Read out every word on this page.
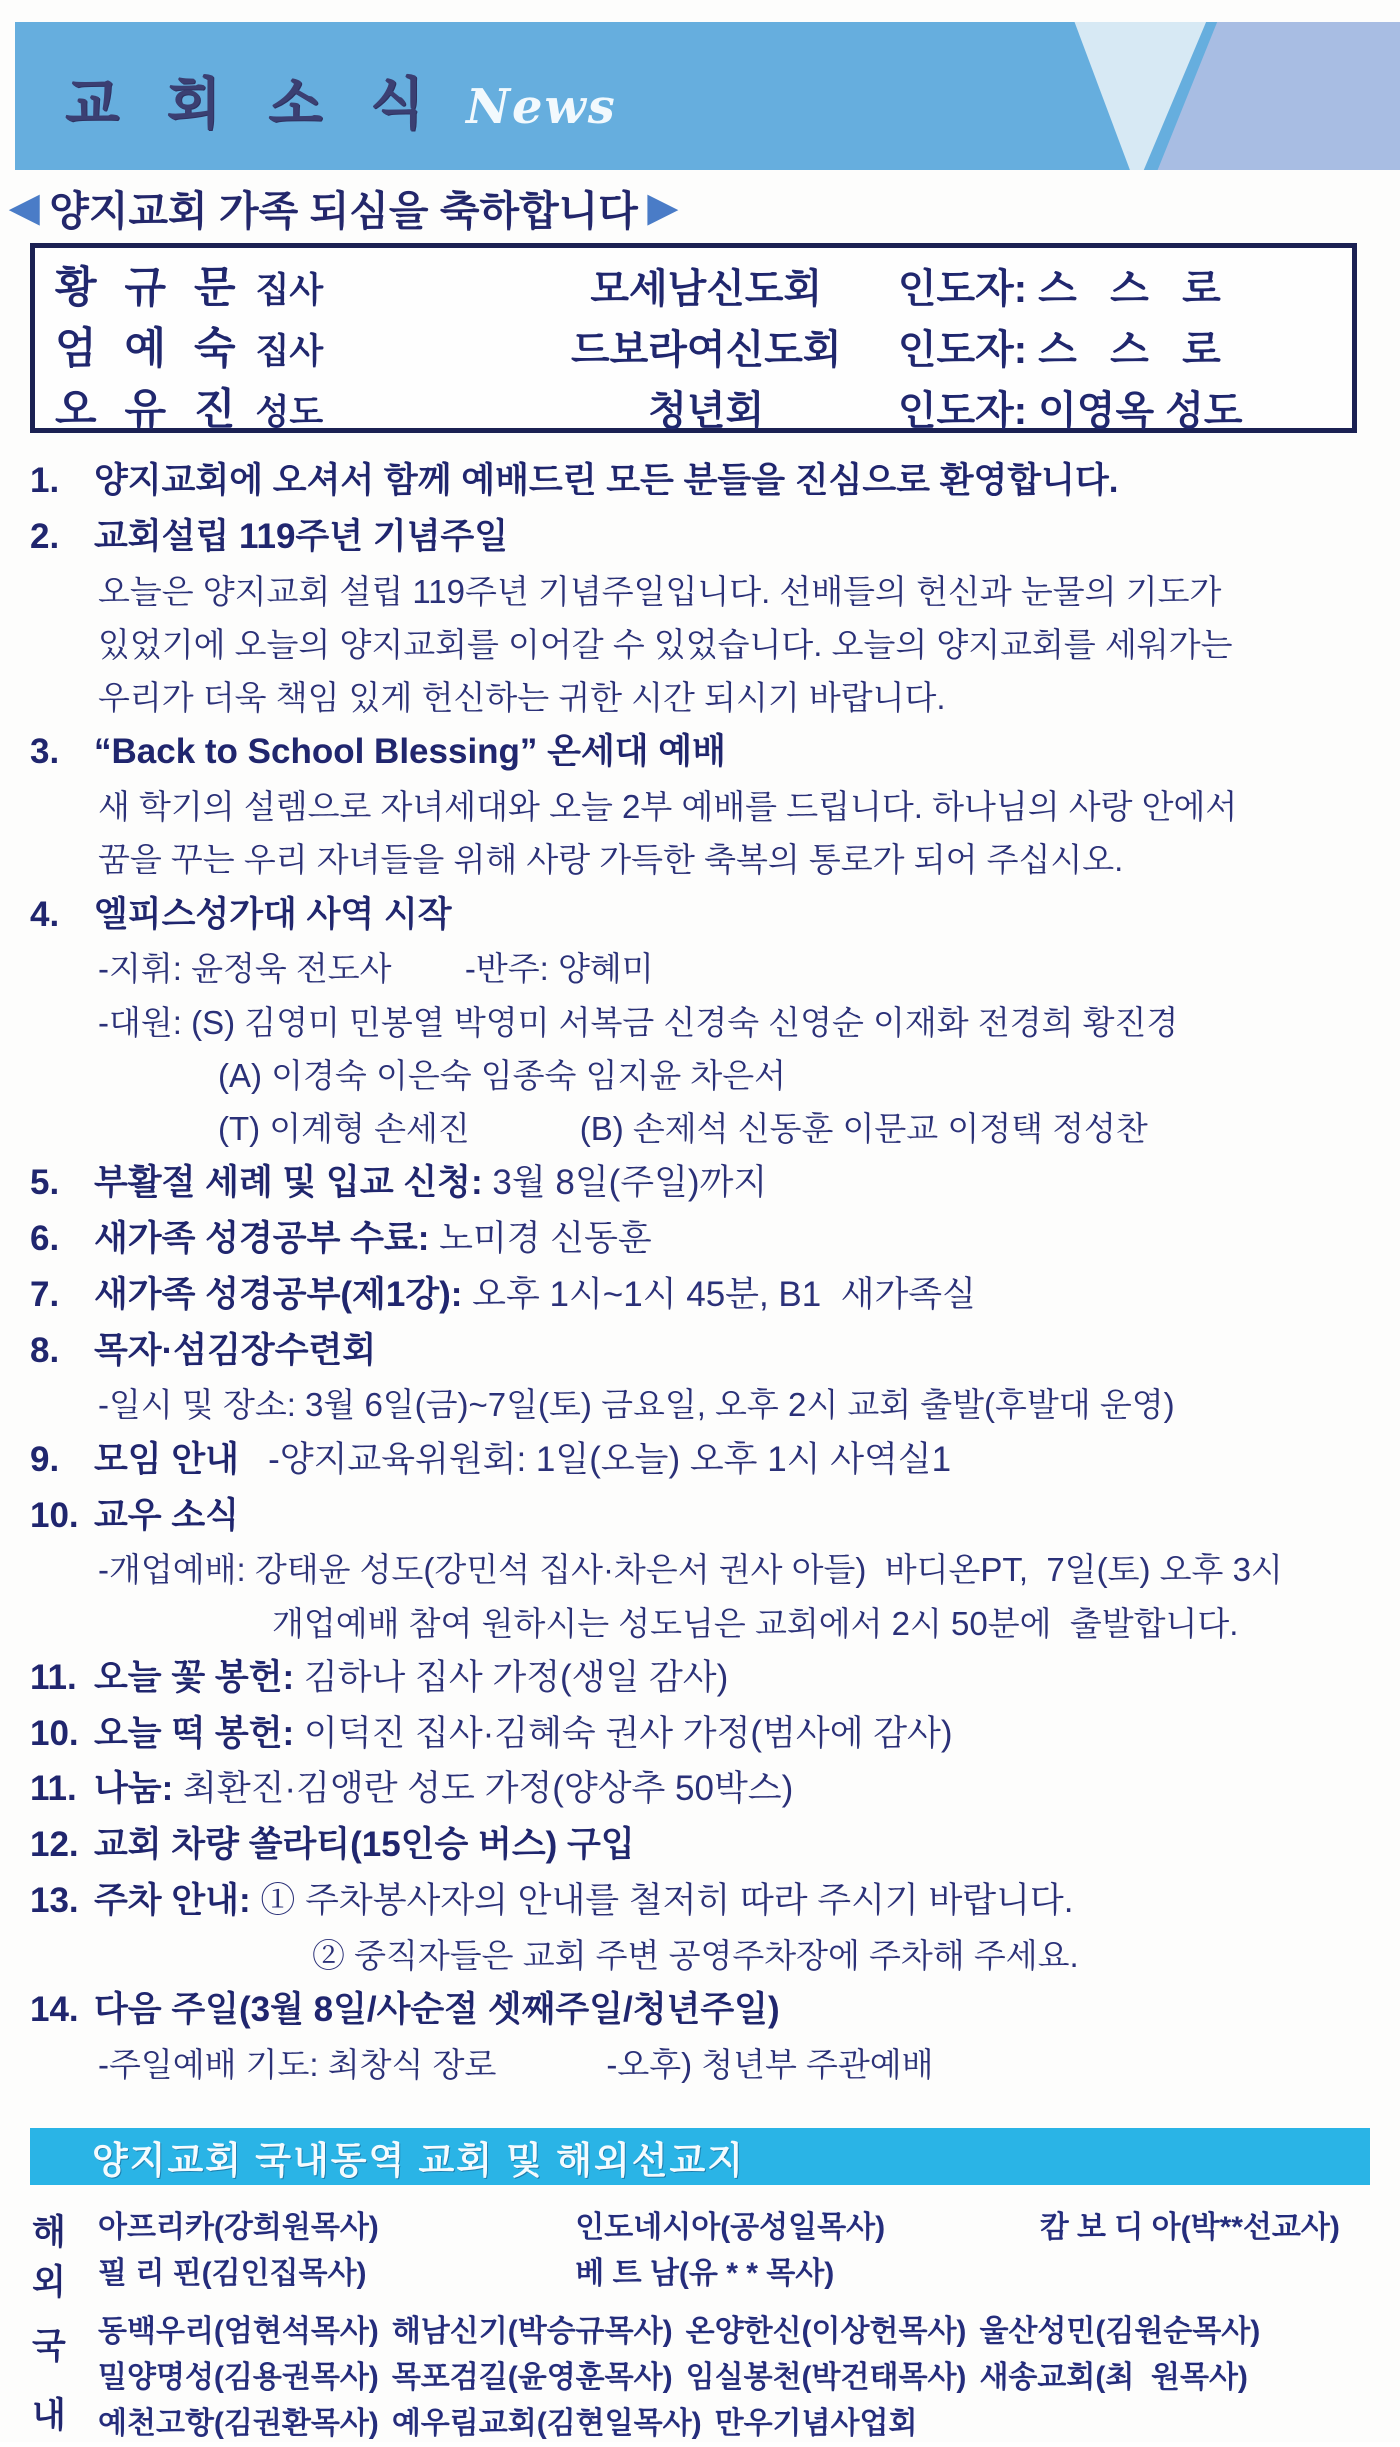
교 회 소 식 News
◀ 양지교회 가족 되심을 축하합니다 ▶
황 규 문 집사	모세남신도회	인도자: 스   스   로
엄 예 숙 집사	드보라여신도회	인도자: 스   스   로
오 유 진 성도	청년회	인도자: 이영옥 성도
1. 양지교회에 오셔서 함께 예배드린 모든 분들을 진심으로 환영합니다.
2. 교회설립 119주년 기념주일
오늘은 양지교회 설립 119주년 기념주일입니다. 선배들의 헌신과 눈물의 기도가
있었기에 오늘의 양지교회를 이어갈 수 있었습니다. 오늘의 양지교회를 세워가는
우리가 더욱 책임 있게 헌신하는 귀한 시간 되시기 바랍니다.
3. “Back to School Blessing” 온세대 예배
새 학기의 설렘으로 자녀세대와 오늘 2부 예배를 드립니다. 하나님의 사랑 안에서
꿈을 꾸는 우리 자녀들을 위해 사랑 가득한 축복의 통로가 되어 주십시오.
4. 엘피스성가대 사역 시작
-지휘: 윤정욱 전도사        -반주: 양혜미
-대원: (S) 김영미 민봉열 박영미 서복금 신경숙 신영순 이재화 전경희 황진경
(A) 이경숙 이은숙 임종숙 임지윤 차은서
(T) 이계형 손세진            (B) 손제석 신동훈 이문교 이정택 정성찬
5. 부활절 세례 및 입교 신청: 3월 8일(주일)까지
6. 새가족 성경공부 수료: 노미경 신동훈
7. 새가족 성경공부(제1강): 오후 1시~1시 45분, B1  새가족실
8. 목자·섬김장수련회
-일시 및 장소: 3월 6일(금)~7일(토) 금요일, 오후 2시 교회 출발(후발대 운영)
9. 모임 안내   -양지교육위원회: 1일(오늘) 오후 1시 사역실1
10. 교우 소식
-개업예배: 강태윤 성도(강민석 집사·차은서 권사 아들)  바디온PT,  7일(토) 오후 3시
개업예배 참여 원하시는 성도님은 교회에서 2시 50분에  출발합니다.
11. 오늘 꽃 봉헌: 김하나 집사 가정(생일 감사)
10. 오늘 떡 봉헌: 이덕진 집사·김혜숙 권사 가정(범사에 감사)
11. 나눔: 최환진·김앵란 성도 가정(양상추 50박스)
12. 교회 차량 쏠라티(15인승 버스) 구입
13. 주차 안내: ① 주차봉사자의 안내를 철저히 따라 주시기 바랍니다.
② 중직자들은 교회 주변 공영주차장에 주차해 주세요.
14. 다음 주일(3월 8일/사순절 셋째주일/청년주일)
-주일예배 기도: 최창식 장로            -오후) 청년부 주관예배
양지교회 국내동역 교회 및 해외선교지
해
외
아프리카(강희원목사)	인도네시아(공성일목사)	캄 보 디 아(박**선교사)
필 리 핀(김인집목사)	베 트 남(유 * * 목사)
국
내
동백우리(엄현석목사) 해남신기(박승규목사) 온양한신(이상헌목사) 울산성민(김원순목사)
밀양명성(김용권목사) 목포검길(윤영훈목사) 임실봉천(박건태목사) 새송교회(최  원목사)
예천고항(김권환목사) 예우림교회(김현일목사) 만우기념사업회
